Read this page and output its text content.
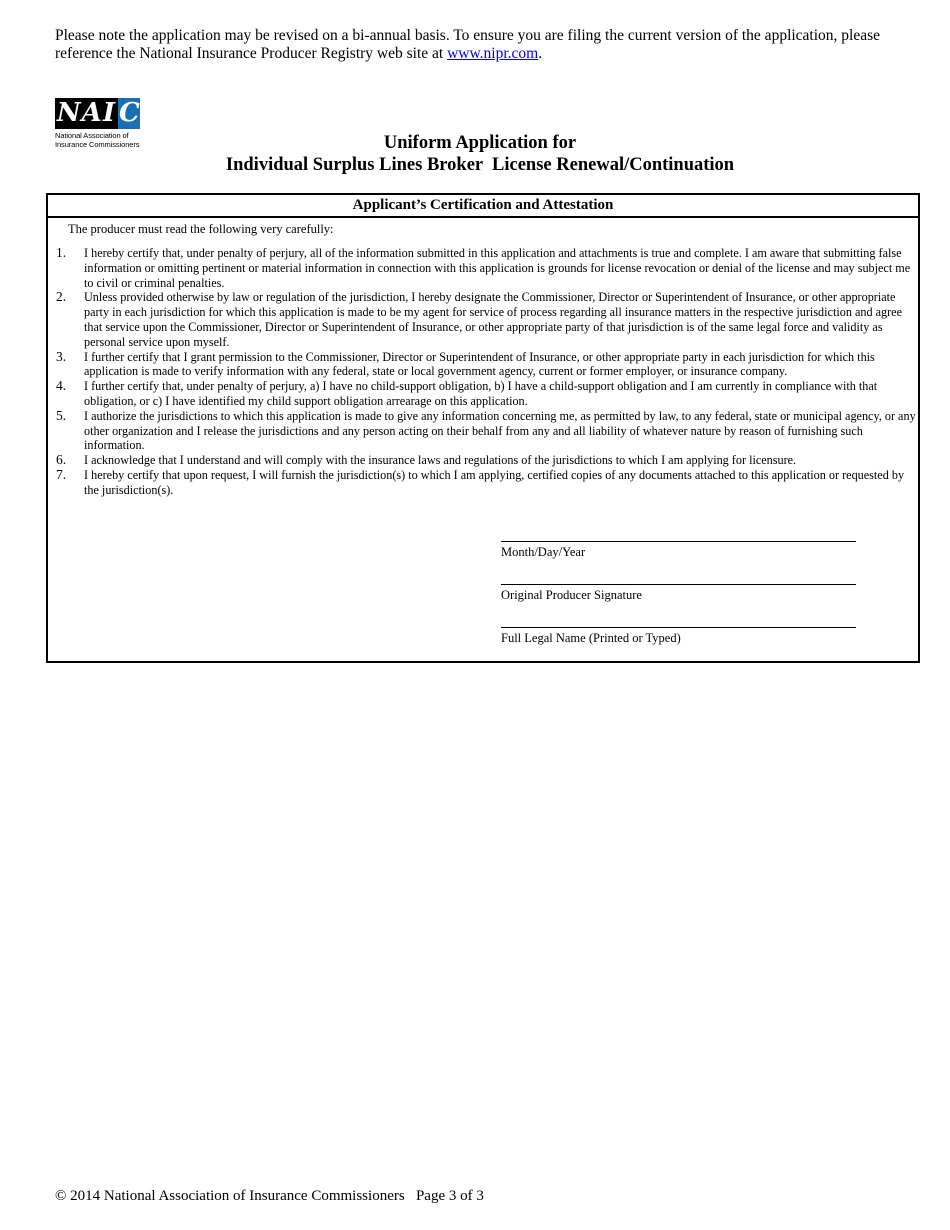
Please note the application may be revised on a bi-annual basis. To ensure you are filing the current version of the application, please reference the National Insurance Producer Registry web site at www.nipr.com.
NAI C
National Association of
Insurance Commissioners	Uniform Application for
Individual Surplus Lines Broker  License Renewal/Continuation
Applicant’s Certification and Attestation
The producer must read the following very carefully:
1.	I hereby certify that, under penalty of perjury, all of the information submitted in this application and attachments is true and complete. I am aware that submitting false information or omitting pertinent or material information in connection with this application is grounds for license revocation or denial of the license and may subject me to civil or criminal penalties.
2.	Unless provided otherwise by law or regulation of the jurisdiction, I hereby designate the Commissioner, Director or Superintendent of Insurance, or other appropriate party in each jurisdiction for which this application is made to be my agent for service of process regarding all insurance matters in the respective jurisdiction and agree that service upon the Commissioner, Director or Superintendent of Insurance, or other appropriate party of that jurisdiction is of the same legal force and validity as personal service upon myself.
3.	I further certify that I grant permission to the Commissioner, Director or Superintendent of Insurance, or other appropriate party in each jurisdiction for which this application is made to verify information with any federal, state or local government agency, current or former employer, or insurance company.
4.	I further certify that, under penalty of perjury, a) I have no child-support obligation, b) I have a child-support obligation and I am currently in compliance with that obligation, or c) I have identified my child support obligation arrearage on this application.
5.	I authorize the jurisdictions to which this application is made to give any information concerning me, as permitted by law, to any federal, state or municipal agency, or any other organization and I release the jurisdictions and any person acting on their behalf from any and all liability of whatever nature by reason of furnishing such information.
6.	I acknowledge that I understand and will comply with the insurance laws and regulations of the jurisdictions to which I am applying for licensure.
7.	I hereby certify that upon request, I will furnish the jurisdiction(s) to which I am applying, certified copies of any documents attached to this application or requested by the jurisdiction(s).
Month/Day/Year
Original Producer Signature
Full Legal Name (Printed or Typed)
© 2014 National Association of Insurance Commissioners Page 3 of 3
